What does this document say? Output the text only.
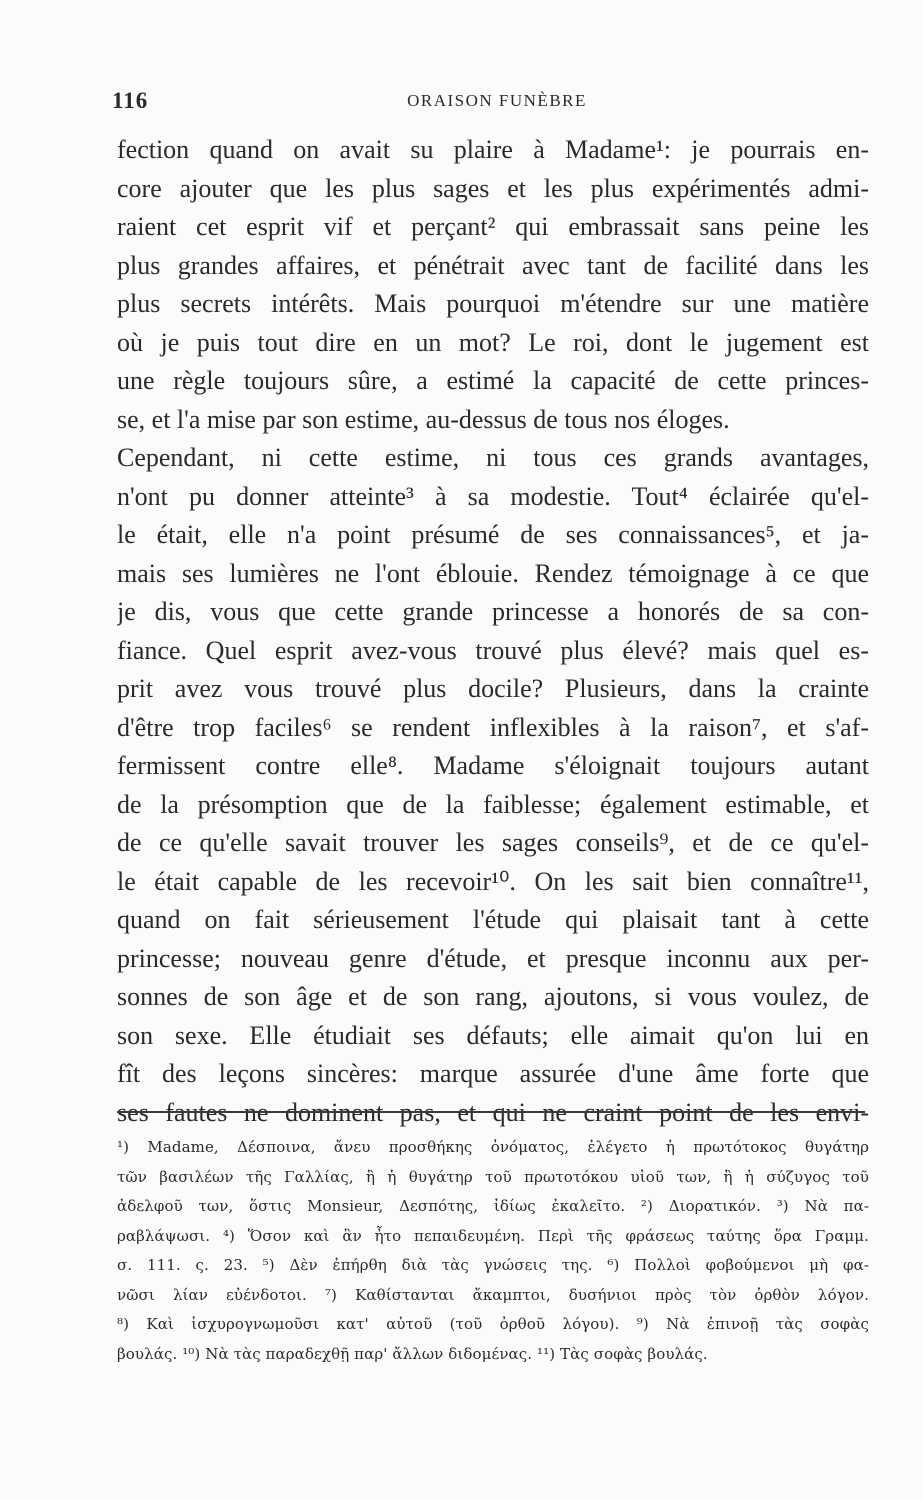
116	ORAISON FUNÈBRE
fection quand on avait su plaire à Madame¹: je pourrais en-
core ajouter que les plus sages et les plus expérimentés admi-
raient cet esprit vif et perçant² qui embrassait sans peine les
plus grandes affaires, et pénétrait avec tant de facilité dans les
plus secrets intérêts. Mais pourquoi m'étendre sur une matière
où je puis tout dire en un mot? Le roi, dont le jugement est
une règle toujours sûre, a estimé la capacité de cette princes-
se, et l'a mise par son estime, au-dessus de tous nos éloges.
Cependant, ni cette estime, ni tous ces grands avantages,
n'ont pu donner atteinte³ à sa modestie. Tout⁴ éclairée qu'el-
le était, elle n'a point présumé de ses connaissances⁵, et ja-
mais ses lumières ne l'ont éblouie. Rendez témoignage à ce que
je dis, vous que cette grande princesse a honorés de sa con-
fiance. Quel esprit avez-vous trouvé plus élevé? mais quel es-
prit avez vous trouvé plus docile? Plusieurs, dans la crainte
d'être trop faciles⁶ se rendent inflexibles à la raison⁷, et s'af-
fermissent contre elle⁸. Madame s'éloignait toujours autant
de la présomption que de la faiblesse; également estimable, et
de ce qu'elle savait trouver les sages conseils⁹, et de ce qu'el-
le était capable de les recevoir¹⁰. On les sait bien connaître¹¹,
quand on fait sérieusement l'étude qui plaisait tant à cette
princesse; nouveau genre d'étude, et presque inconnu aux per-
sonnes de son âge et de son rang, ajoutons, si vous voulez, de
son sexe. Elle étudiait ses défauts; elle aimait qu'on lui en
fît des leçons sincères: marque assurée d'une âme forte que
ses fautes ne dominent pas, et qui ne craint point de les envi-
¹) Madame, Δέσποινα, ἄνευ προσθήκης ὀνόματος, ἐλέγετο ἡ πρωτότοκος θυγάτηρ
τῶν βασιλέων τῆς Γαλλίας, ἢ ἡ θυγάτηρ τοῦ πρωτοτόκου υἱοῦ των, ἢ ἡ σύζυγος τοῦ
ἀδελφοῦ των, ὅστις Monsieur, Δεσπότης, ἰδίως ἐκαλεῖτο. ²) Διορατικόν. ³) Νὰ πα-
ραβλάψωσι. ⁴) Ὅσον καὶ ἂν ἦτο πεπαιδευμένη. Περὶ τῆς φράσεως ταύτης ὅρα Γραμμ.
σ. 111. ς. 23. ⁵) Δὲν ἐπήρθη διὰ τὰς γνώσεις της. ⁶) Πολλοὶ φοβούμενοι μὴ φα-
νῶσι λίαν εὐένδοτοι. ⁷) Καθίστανται ἄκαμπτοι, δυσήνιοι πρὸς τὸν ὀρθὸν λόγον.
⁸) Καὶ ἰσχυρογνωμοῦσι κατ' αὐτοῦ (τοῦ ὀρθοῦ λόγου). ⁹) Νὰ ἐπινοῇ τὰς σοφὰς
βουλάς. ¹⁰) Νὰ τὰς παραδεχθῇ παρ' ἄλλων διδομένας. ¹¹) Τὰς σοφὰς βουλάς.
